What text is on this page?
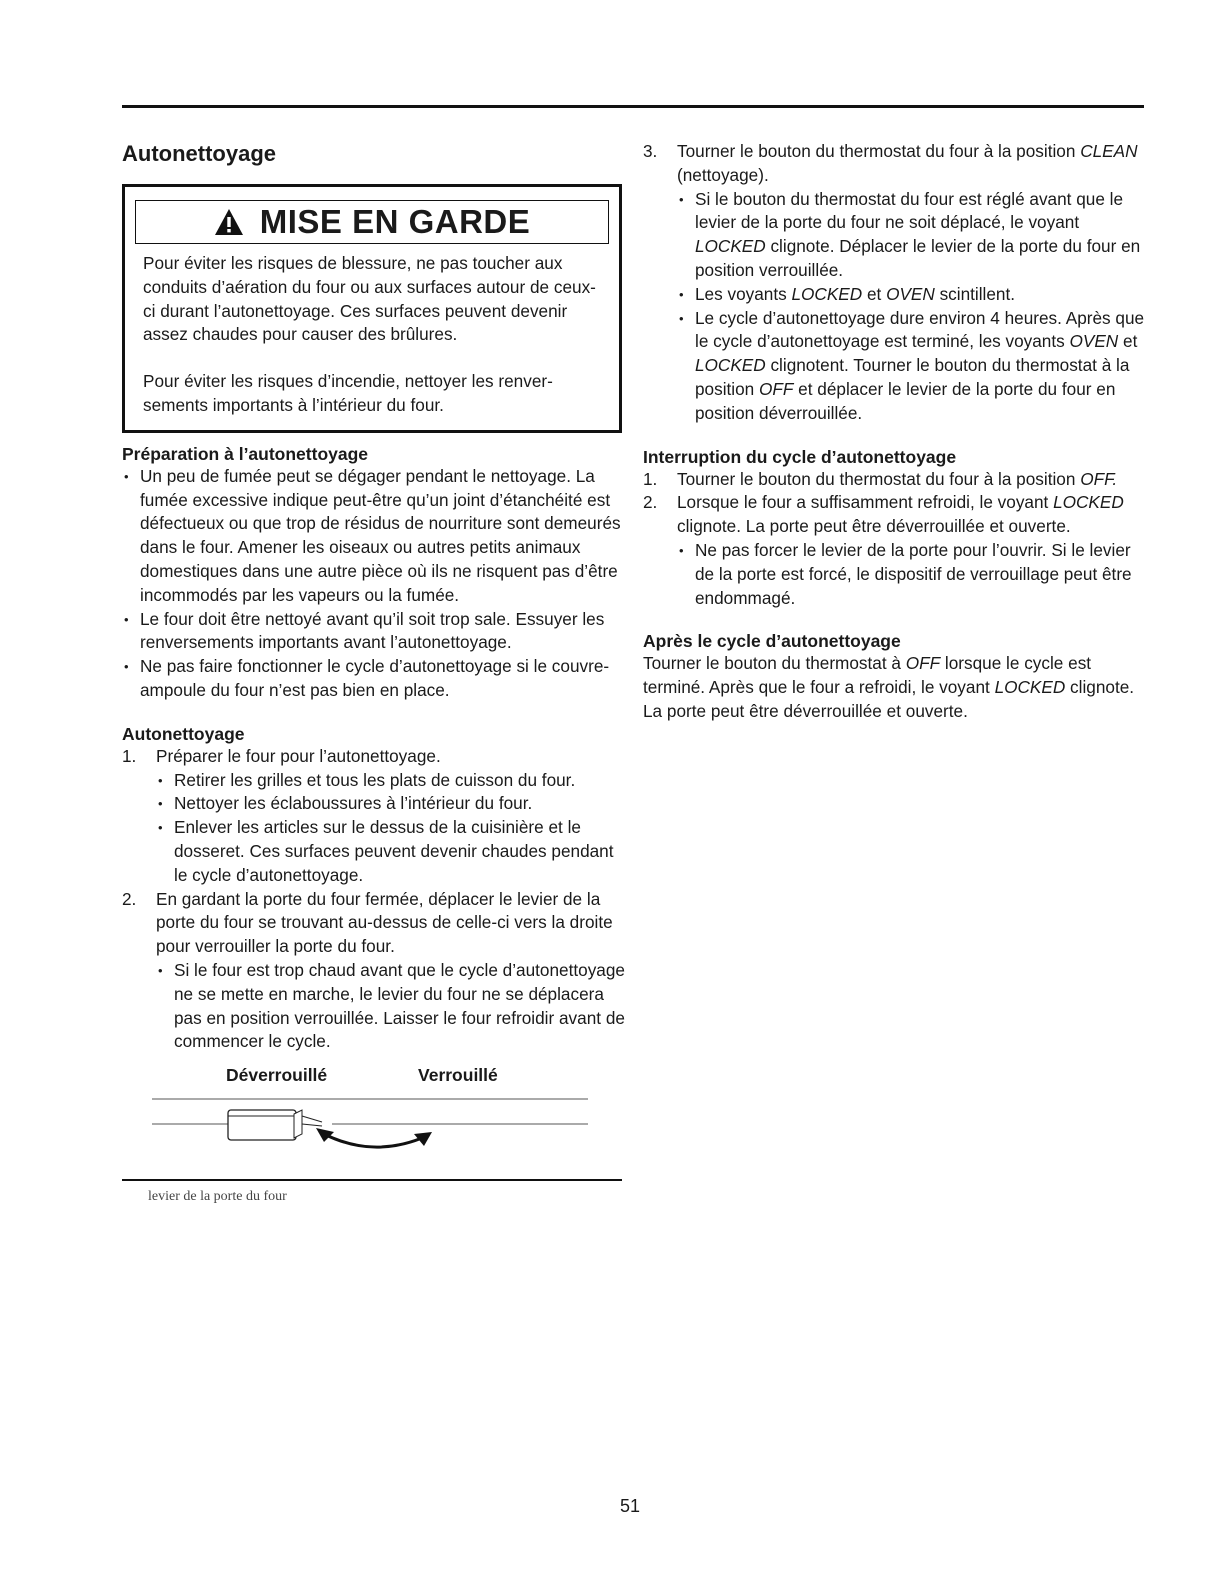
Autonettoyage
MISE EN GARDE

Pour éviter les risques de blessure, ne pas toucher aux conduits d’aération du four ou aux surfaces autour de ceux-ci durant l’autonettoyage. Ces surfaces peuvent devenir assez chaudes pour causer des brûlures.

Pour éviter les risques d’incendie, nettoyer les renver-sements importants à l’intérieur du four.

Préparation à l’autonettoyage
• Un peu de fumée peut se dégager pendant le nettoyage. La fumée excessive indique peut-être qu’un joint d’étanchéité est défectueux ou que trop de résidus de nourriture sont demeurés dans le four. Amener les oiseaux ou autres petits animaux domestiques dans une autre pièce où ils ne risquent pas d’être incommodés par les vapeurs ou la fumée.
• Le four doit être nettoyé avant qu’il soit trop sale. Essuyer les renversements importants avant l’autonettoyage.
• Ne pas faire fonctionner le cycle d’autonettoyage si le couvre-ampoule du four n’est pas bien en place.
Autonettoyage
1. Préparer le four pour l’autonettoyage.
• Retirer les grilles et tous les plats de cuisson du four.
• Nettoyer les éclaboussures à l’intérieur du four.
• Enlever les articles sur le dessus de la cuisinière et le dosseret. Ces surfaces peuvent devenir chaudes pendant le cycle d’autonettoyage.
2. En gardant la porte du four fermée, déplacer le levier de la porte du four se trouvant au-dessus de celle-ci vers la droite pour verrouiller la porte du four.
• Si le four est trop chaud avant que le cycle d’autonettoyage ne se mette en marche, le levier du four ne se déplacera pas en position verrouillée. Laisser le four refroidir avant de commencer le cycle.
Déverrouillé	Verrouillé
levier de la porte du four
3. Tourner le bouton du thermostat du four à la position CLEAN (nettoyage).
• Si le bouton du thermostat du four est réglé avant que le levier de la porte du four ne soit déplacé, le voyant LOCKED clignote. Déplacer le levier de la porte du four en position verrouillée.
• Les voyants LOCKED et OVEN scintillent.
• Le cycle d’autonettoyage dure environ 4 heures. Après que le cycle d’autonettoyage est terminé, les voyants OVEN et LOCKED clignotent. Tourner le bouton du thermostat à la position OFF et déplacer le levier de la porte du four en position déverrouillée.
Interruption du cycle d’autonettoyage
1. Tourner le bouton du thermostat du four à la position OFF.
2. Lorsque le four a suffisamment refroidi, le voyant LOCKED clignote. La porte peut être déverrouillée et ouverte.
• Ne pas forcer le levier de la porte pour l’ouvrir. Si le levier de la porte est forcé, le dispositif de verrouillage peut être endommagé.
Après le cycle d’autonettoyage

Tourner le bouton du thermostat à OFF lorsque le cycle est terminé. Après que le four a refroidi, le voyant LOCKED clignote. La porte peut être déverrouillée et ouverte.

51
